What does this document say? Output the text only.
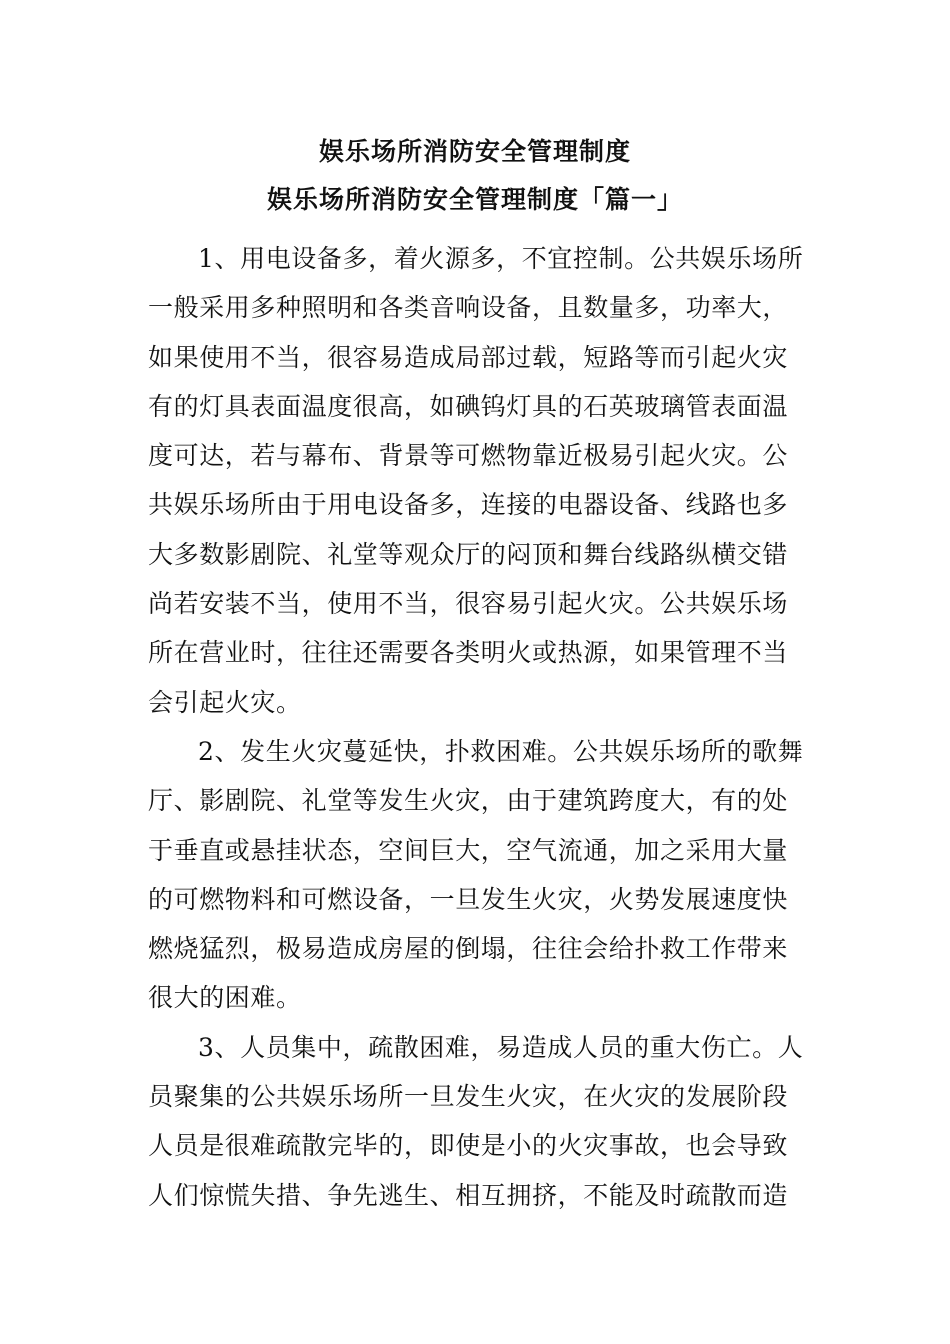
娱乐场所消防安全管理制度
娱乐场所消防安全管理制度「篇一」
1、用电设备多，着火源多，不宜控制。公共娱乐场所
一般采用多种照明和各类音响设备，且数量多，功率大，
如果使用不当，很容易造成局部过载，短路等而引起火灾
有的灯具表面温度很高，如碘钨灯具的石英玻璃管表面温
度可达，若与幕布、背景等可燃物靠近极易引起火灾。公
共娱乐场所由于用电设备多，连接的电器设备、线路也多
大多数影剧院、礼堂等观众厅的闷顶和舞台线路纵横交错
尚若安装不当，使用不当，很容易引起火灾。公共娱乐场
所在营业时，往往还需要各类明火或热源，如果管理不当
会引起火灾。
2、发生火灾蔓延快，扑救困难。公共娱乐场所的歌舞
厅、影剧院、礼堂等发生火灾，由于建筑跨度大，有的处
于垂直或悬挂状态，空间巨大，空气流通，加之采用大量
的可燃物料和可燃设备，一旦发生火灾，火势发展速度快
燃烧猛烈，极易造成房屋的倒塌，往往会给扑救工作带来
很大的困难。
3、人员集中，疏散困难，易造成人员的重大伤亡。人
员聚集的公共娱乐场所一旦发生火灾，在火灾的发展阶段
人员是很难疏散完毕的，即使是小的火灾事故，也会导致
人们惊慌失措、争先逃生、相互拥挤，不能及时疏散而造
